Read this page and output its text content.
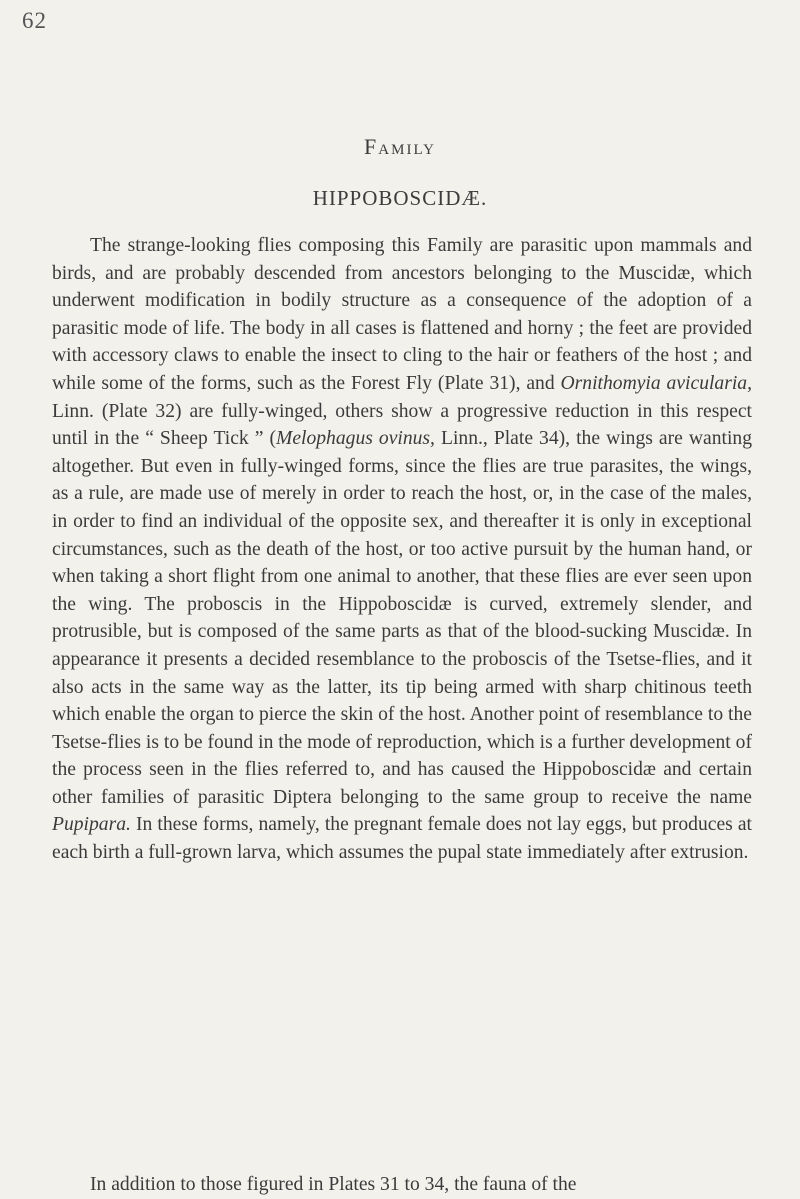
62
Family
HIPPOBOSCIDÆ.

The strange-looking flies composing this Family are parasitic upon mammals and birds, and are probably descended from ancestors belonging to the Muscidæ, which underwent modification in bodily structure as a consequence of the adoption of a parasitic mode of life. The body in all cases is flattened and horny ; the feet are provided with accessory claws to enable the insect to cling to the hair or feathers of the host ; and while some of the forms, such as the Forest Fly (Plate 31), and Ornithomyia avicularia, Linn. (Plate 32) are fully-winged, others show a progressive reduction in this respect until in the “ Sheep Tick ” (Melophagus ovinus, Linn., Plate 34), the wings are wanting altogether. But even in fully-winged forms, since the flies are true parasites, the wings, as a rule, are made use of merely in order to reach the host, or, in the case of the males, in order to find an individual of the opposite sex, and thereafter it is only in exceptional circumstances, such as the death of the host, or too active pursuit by the human hand, or when taking a short flight from one animal to another, that these flies are ever seen upon the wing. The proboscis in the Hippoboscidæ is curved, extremely slender, and protrusible, but is composed of the same parts as that of the blood-sucking Muscidæ. In appearance it presents a decided resemblance to the proboscis of the Tsetse-flies, and it also acts in the same way as the latter, its tip being armed with sharp chitinous teeth which enable the organ to pierce the skin of the host. Another point of resemblance to the Tsetse-flies is to be found in the mode of reproduction, which is a further development of the process seen in the flies referred to, and has caused the Hippoboscidæ and certain other families of parasitic Diptera belonging to the same group to receive the name Pupipara. In these forms, namely, the pregnant female does not lay eggs, but produces at each birth a full-grown larva, which assumes the pupal state immediately after extrusion.

In addition to those figured in Plates 31 to 34, the fauna of the
